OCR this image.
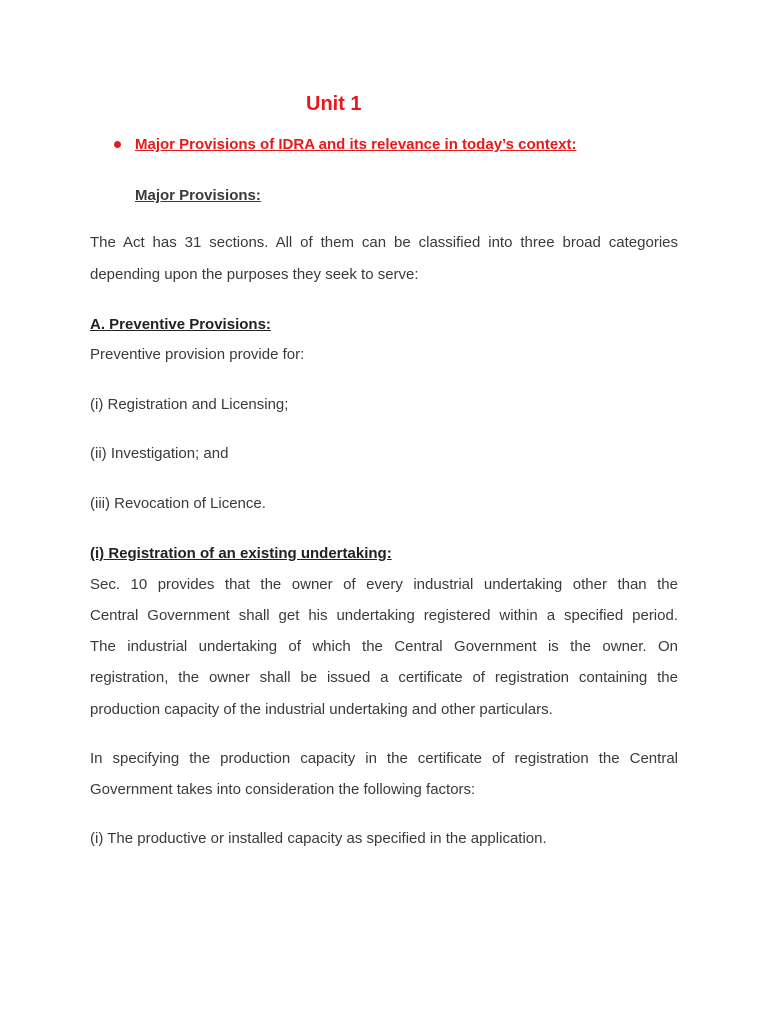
Unit 1
Major Provisions of IDRA and its relevance in today’s context:
Major Provisions:
The Act has 31 sections. All of them can be classified into three broad categories
depending upon the purposes they seek to serve:
A. Preventive Provisions:
Preventive provision provide for:
(i) Registration and Licensing;
(ii) Investigation; and
(iii) Revocation of Licence.
(i) Registration of an existing undertaking:
Sec. 10 provides that the owner of every industrial undertaking other than the
Central Government shall get his undertaking registered within a specified period.
The industrial undertaking of which the Central Government is the owner. On
registration, the owner shall be issued a certificate of registration containing the
production capacity of the industrial undertaking and other particulars.
In specifying the production capacity in the certificate of registration the Central
Government takes into consideration the following factors:
(i) The productive or installed capacity as specified in the application.
